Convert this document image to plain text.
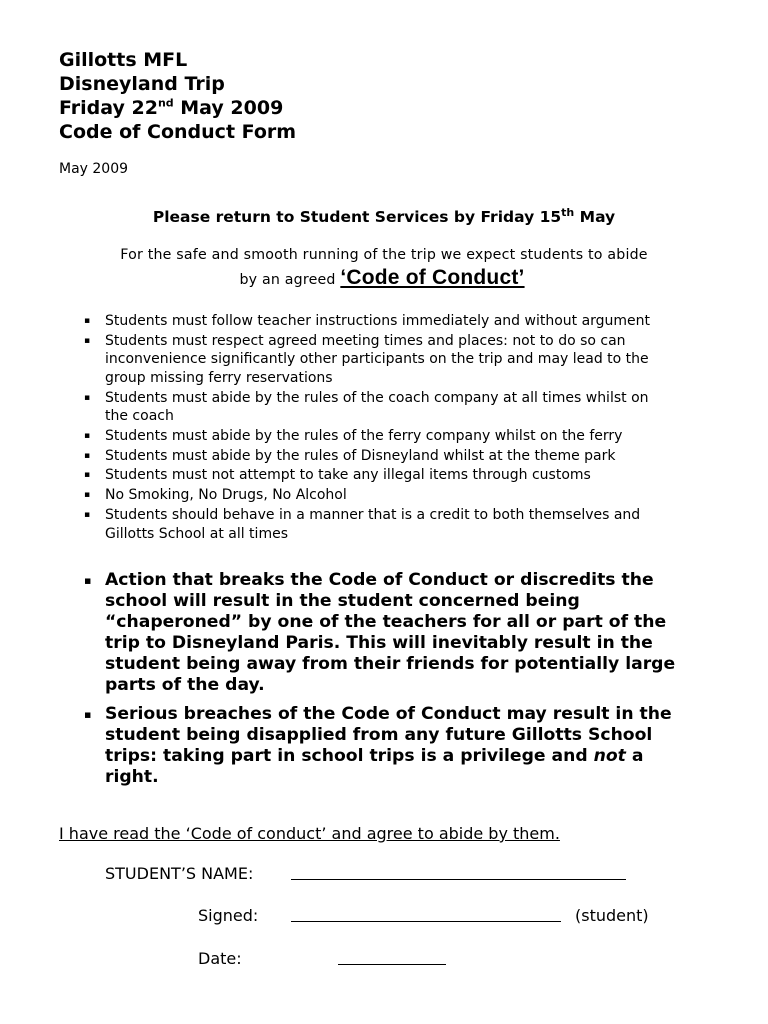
Gillotts MFL
Disneyland Trip
Friday 22nd May 2009
Code of Conduct Form
May 2009
Please return to Student Services by Friday 15th May
For the safe and smooth running of the trip we expect students to abide
by an agreed ‘Code of Conduct’
▪ Students must follow teacher instructions immediately and without argument
▪ Students must respect agreed meeting times and places: not to do so can
inconvenience significantly other participants on the trip and may lead to the
group missing ferry reservations
▪ Students must abide by the rules of the coach company at all times whilst on
the coach
▪ Students must abide by the rules of the ferry company whilst on the ferry
▪ Students must abide by the rules of Disneyland whilst at the theme park
▪ Students must not attempt to take any illegal items through customs
▪ No Smoking, No Drugs, No Alcohol
▪ Students should behave in a manner that is a credit to both themselves and
Gillotts School at all times
▪ Action that breaks the Code of Conduct or discredits the
school will result in the student concerned being
“chaperoned” by one of the teachers for all or part of the
trip to Disneyland Paris. This will inevitably result in the
student being away from their friends for potentially large
parts of the day.
▪ Serious breaches of the Code of Conduct may result in the
student being disapplied from any future Gillotts School
trips: taking part in school trips is a privilege and not a
right.
I have read the ‘Code of conduct’ and agree to abide by them.
STUDENT’S NAME:
Signed:	(student)
Date:
